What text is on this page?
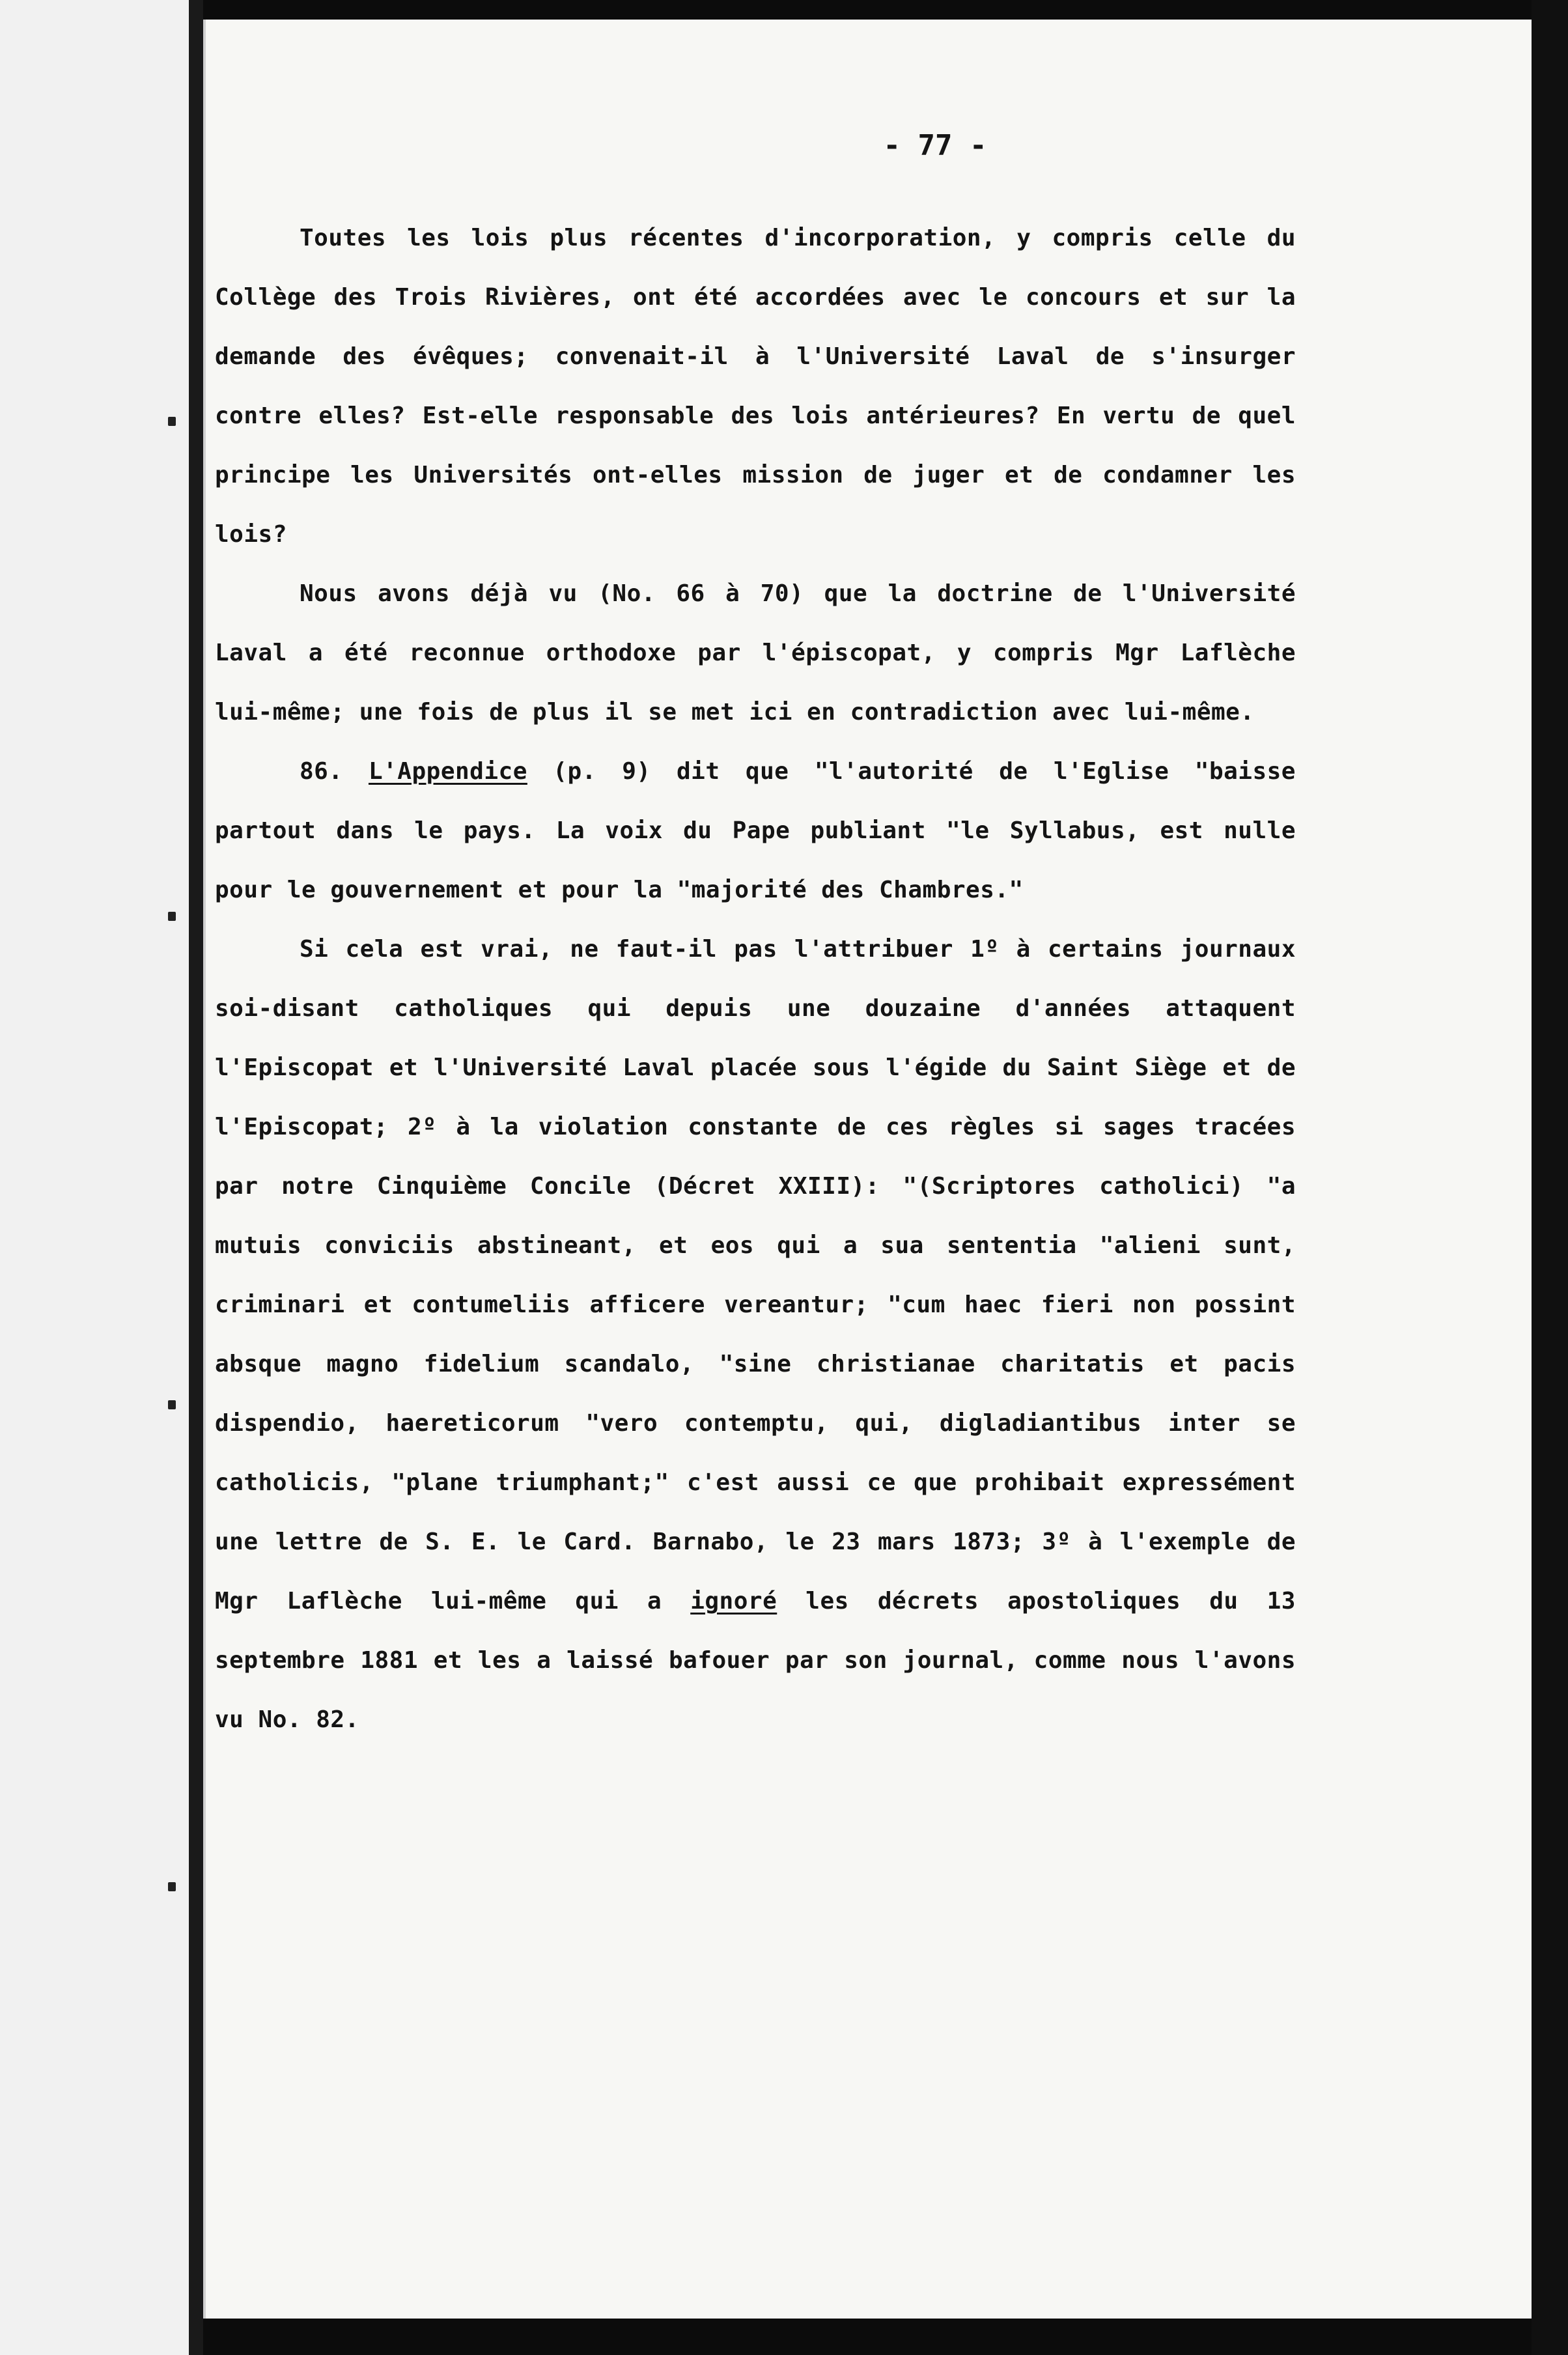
- 77 -

Toutes les lois plus récentes d'incorporation, y compris celle du Collège des Trois Rivières, ont été accordées avec le concours et sur la demande des évêques; convenait-il à l'Université Laval de s'insurger contre elles? Est-elle responsable des lois antérieures? En vertu de quel principe les Universités ont-elles mission de juger et de condamner les lois?

Nous avons déjà vu (No. 66 à 70) que la doctrine de l'Université Laval a été reconnue orthodoxe par l'épiscopat, y compris Mgr Laflèche lui-même; une fois de plus il se met ici en contradiction avec lui-même.

86. L'Appendice (p. 9) dit que "l'autorité de l'Eglise "baisse partout dans le pays. La voix du Pape publiant "le Syllabus, est nulle pour le gouvernement et pour la "majorité des Chambres."

Si cela est vrai, ne faut-il pas l'attribuer 1º à certains journaux soi-disant catholiques qui depuis une douzaine d'années attaquent l'Episcopat et l'Université Laval placée sous l'égide du Saint Siège et de l'Episcopat; 2º à la violation constante de ces règles si sages tracées par notre Cinquième Concile (Décret XXIII): "(Scriptores catholici) "a mutuis conviciis abstineant, et eos qui a sua sententia "alieni sunt, criminari et contumeliis afficere vereantur; "cum haec fieri non possint absque magno fidelium scandalo, "sine christianae charitatis et pacis dispendio, haereticorum "vero contemptu, qui, digladiantibus inter se catholicis, "plane triumphant;" c'est aussi ce que prohibait expressément une lettre de S. E. le Card. Barnabo, le 23 mars 1873; 3º à l'exemple de Mgr Laflèche lui-même qui a ignoré les décrets apostoliques du 13 septembre 1881 et les a laissé bafouer par son journal, comme nous l'avons vu No. 82.
